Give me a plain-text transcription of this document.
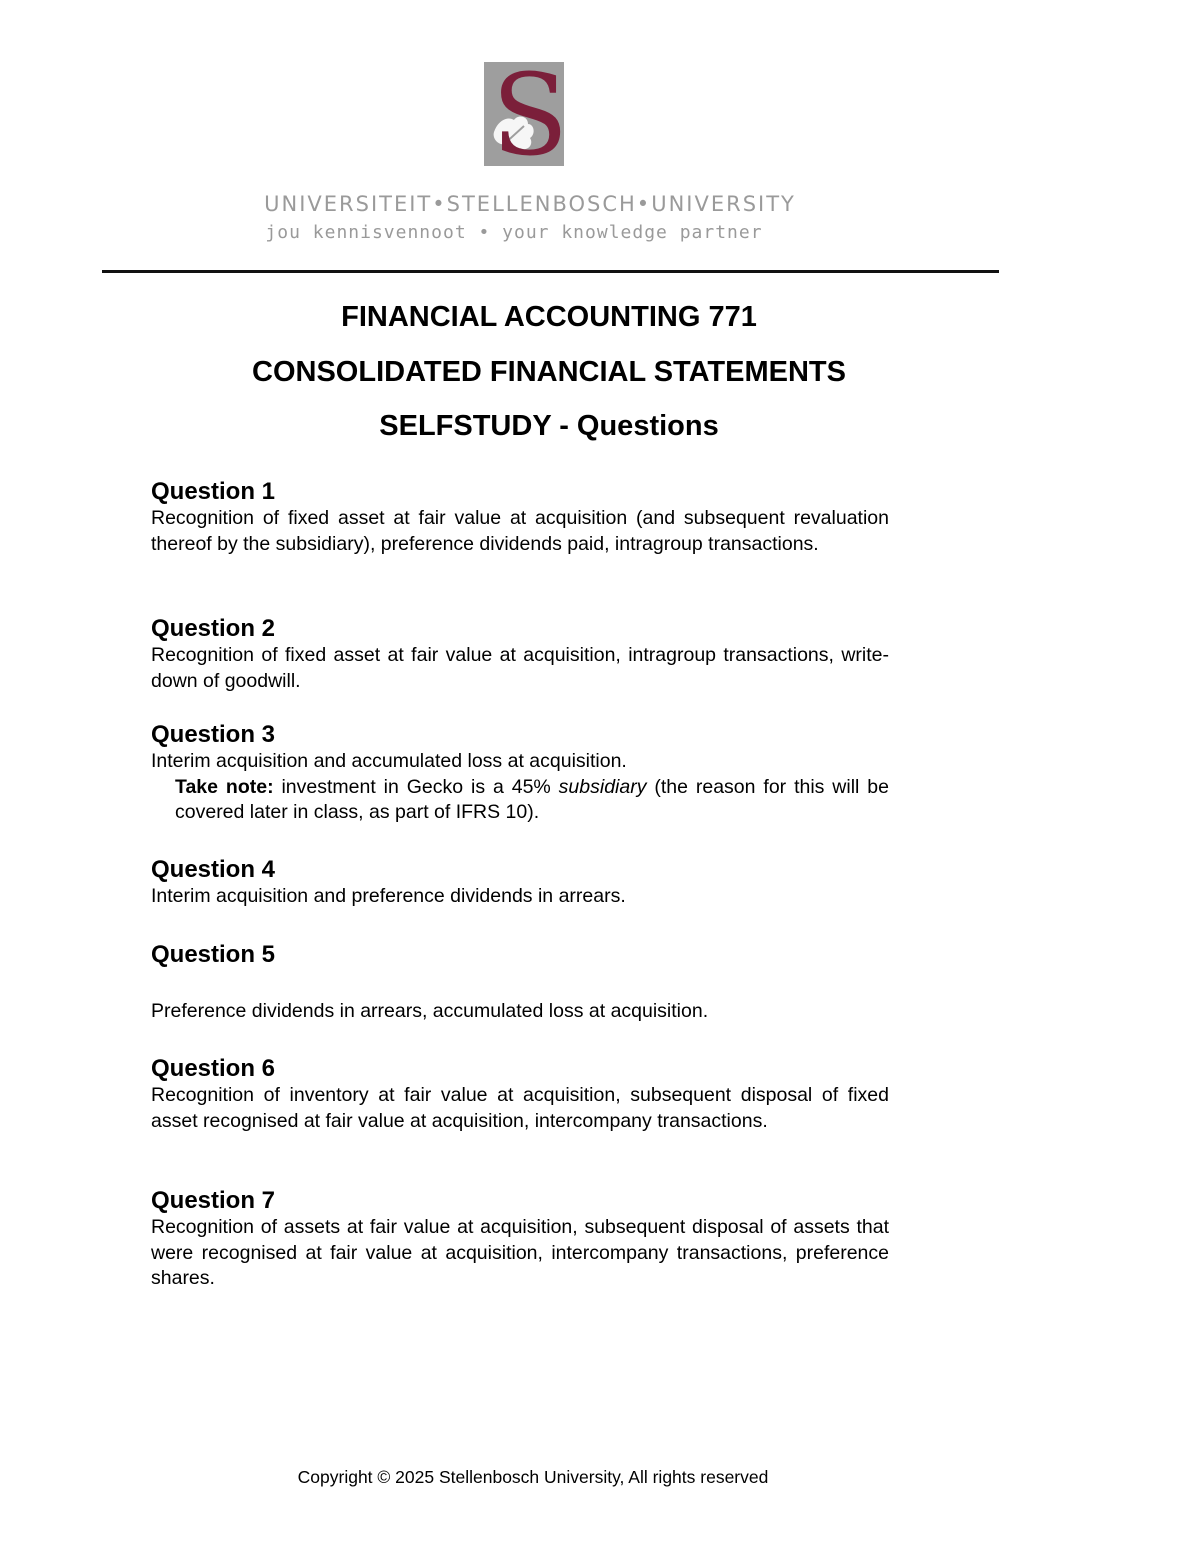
S
UNIVERSITEIT•STELLENBOSCH•UNIVERSITY
jou kennisvennoot • your knowledge partner
FINANCIAL ACCOUNTING 771
CONSOLIDATED FINANCIAL STATEMENTS
SELFSTUDY - Questions

Question 1

Recognition of fixed asset at fair value at acquisition (and subsequent revaluation thereof by the subsidiary), preference dividends paid, intragroup transactions.

Question 2

Recognition of fixed asset at fair value at acquisition, intragroup transactions, write-down of goodwill.

Question 3

Interim acquisition and accumulated loss at acquisition.

Take note: investment in Gecko is a 45% subsidiary (the reason for this will be covered later in class, as part of IFRS 10).

Question 4

Interim acquisition and preference dividends in arrears.

Question 5

Preference dividends in arrears, accumulated loss at acquisition.

Question 6

Recognition of inventory at fair value at acquisition, subsequent disposal of fixed asset recognised at fair value at acquisition, intercompany transactions.

Question 7

Recognition of assets at fair value at acquisition, subsequent disposal of assets that were recognised at fair value at acquisition, intercompany transactions, preference shares.

Copyright © 2025 Stellenbosch University, All rights reserved
